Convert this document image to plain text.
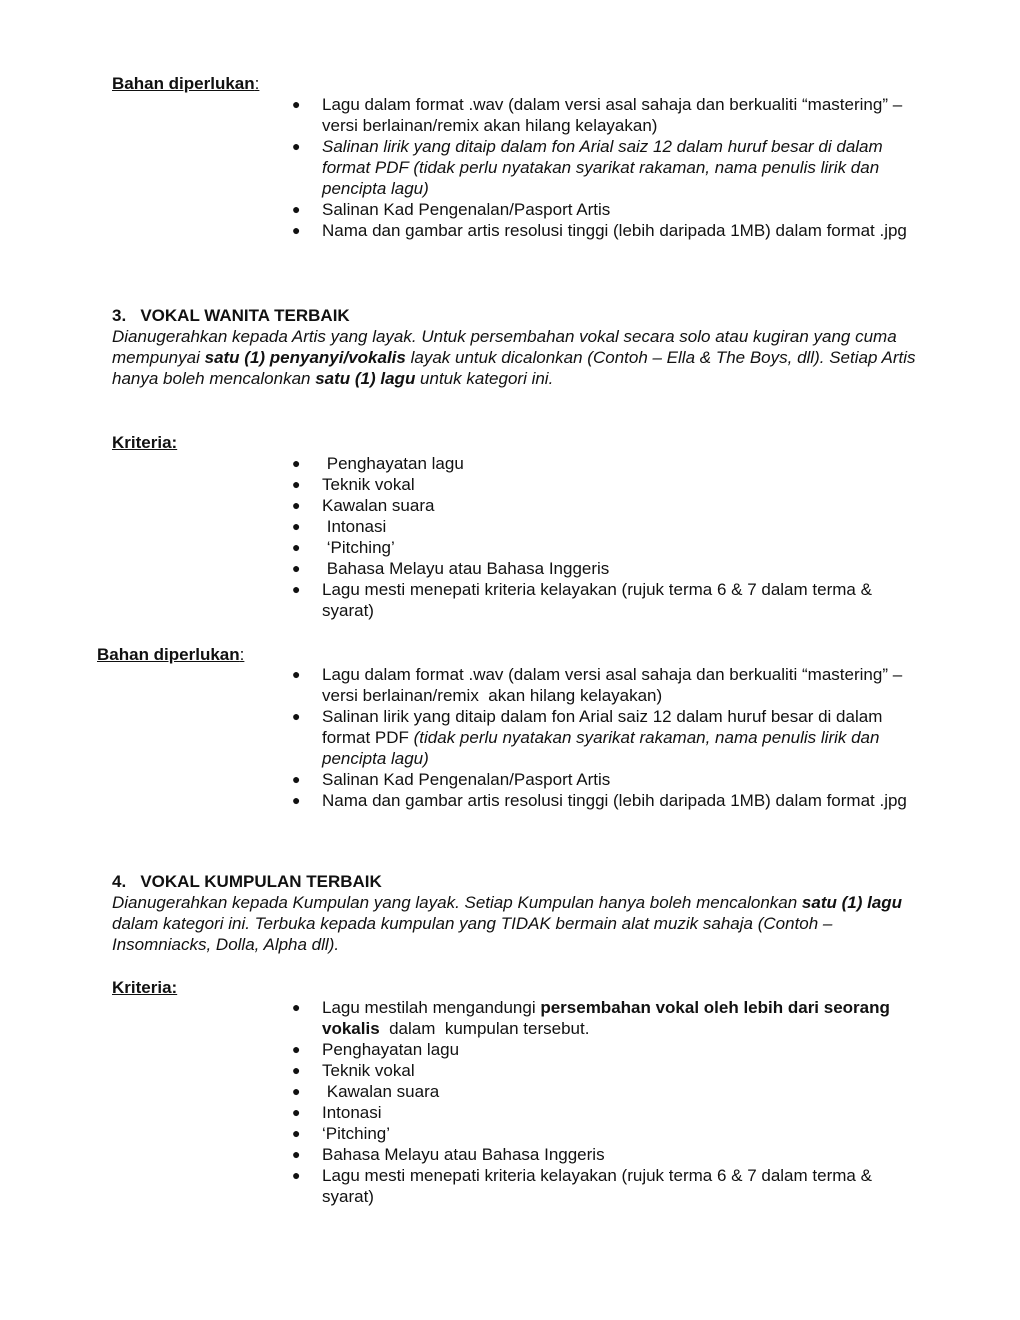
Bahan diperlukan:
● Lagu dalam format .wav (dalam versi asal sahaja dan berkualiti “mastering” – versi berlainan/remix akan hilang kelayakan)
● Salinan lirik yang ditaip dalam fon Arial saiz 12 dalam huruf besar di dalam format PDF (tidak perlu nyatakan syarikat rakaman, nama penulis lirik dan pencipta lagu)
● Salinan Kad Pengenalan/Pasport Artis
● Nama dan gambar artis resolusi tinggi (lebih daripada 1MB) dalam format .jpg
3.   VOKAL WANITA TERBAIK

Dianugerahkan kepada Artis yang layak. Untuk persembahan vokal secara solo atau kugiran yang cuma mempunyai satu (1) penyanyi/vokalis layak untuk dicalonkan (Contoh – Ella & The Boys, dll). Setiap Artis hanya boleh mencalonkan satu (1) lagu untuk kategori ini.

Kriteria:
● Penghayatan lagu
● Teknik vokal
● Kawalan suara
● Intonasi
● ‘Pitching’
● Bahasa Melayu atau Bahasa Inggeris
● Lagu mesti menepati kriteria kelayakan (rujuk terma 6 & 7 dalam terma & syarat)
Bahan diperlukan:
● Lagu dalam format .wav (dalam versi asal sahaja dan berkualiti “mastering” – versi berlainan/remix  akan hilang kelayakan)
● Salinan lirik yang ditaip dalam fon Arial saiz 12 dalam huruf besar di dalam format PDF (tidak perlu nyatakan syarikat rakaman, nama penulis lirik dan pencipta lagu)
● Salinan Kad Pengenalan/Pasport Artis
● Nama dan gambar artis resolusi tinggi (lebih daripada 1MB) dalam format .jpg
4.   VOKAL KUMPULAN TERBAIK

Dianugerahkan kepada Kumpulan yang layak. Setiap Kumpulan hanya boleh mencalonkan satu (1) lagu dalam kategori ini. Terbuka kepada kumpulan yang TIDAK bermain alat muzik sahaja (Contoh – Insomniacks, Dolla, Alpha dll).

Kriteria:
● Lagu mestilah mengandungi persembahan vokal oleh lebih dari seorang  vokalis  dalam  kumpulan tersebut.
● Penghayatan lagu
● Teknik vokal
● Kawalan suara
● Intonasi
● ‘Pitching’
● Bahasa Melayu atau Bahasa Inggeris
● Lagu mesti menepati kriteria kelayakan (rujuk terma 6 & 7 dalam terma & syarat)
